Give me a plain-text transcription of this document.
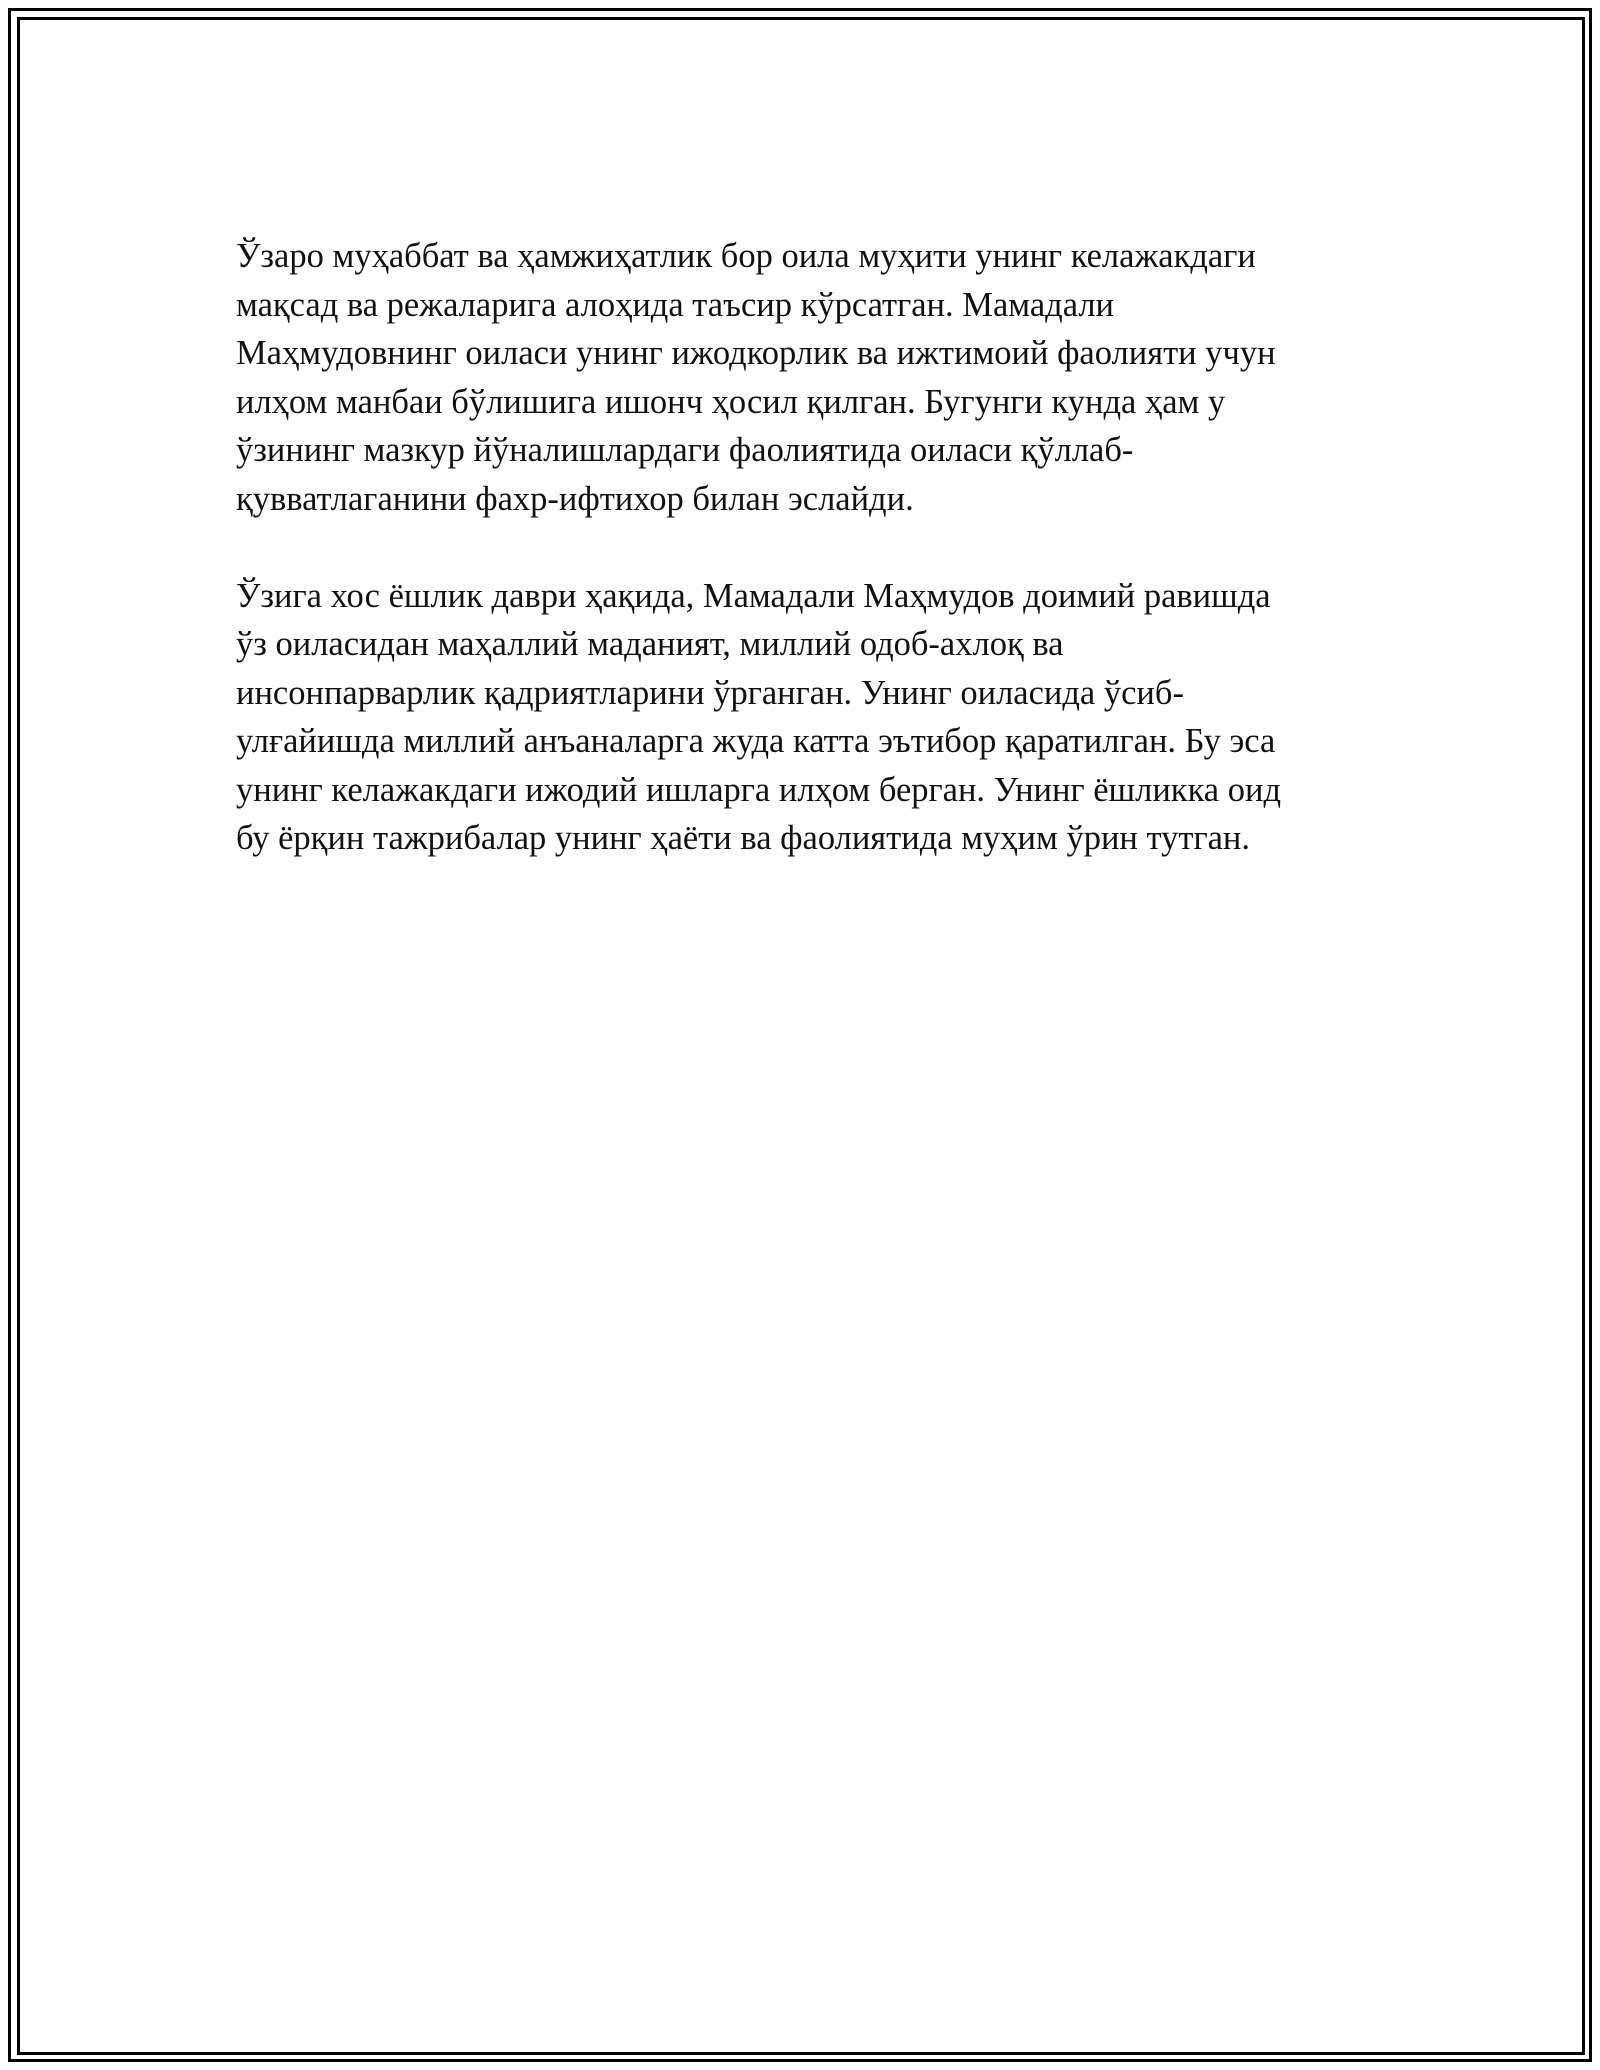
Ўзаро муҳаббат ва ҳамжиҳатлик бор оила муҳити унинг келажакдаги
мақсад ва режаларига алоҳида таъсир кўрсатган. Мамадали
Маҳмудовнинг оиласи унинг ижодкорлик ва ижтимоий фаолияти учун
илҳом манбаи бўлишига ишонч ҳосил қилган. Бугунги кунда ҳам у
ўзининг мазкур йўналишлардаги фаолиятида оиласи қўллаб-
қувватлаганини фахр-ифтихор билан эслайди.

Ўзига хос ёшлик даври ҳақида, Мамадали Маҳмудов доимий равишда
ўз оиласидан маҳаллий маданият, миллий одоб-ахлоқ ва
инсонпарварлик қадриятларини ўрганган. Унинг оиласида ўсиб-
улғайишда миллий анъаналарга жуда катта эътибор қаратилган. Бу эса
унинг келажакдаги ижодий ишларга илҳом берган. Унинг ёшликка оид
бу ёрқин тажрибалар унинг ҳаёти ва фаолиятида муҳим ўрин тутган.
